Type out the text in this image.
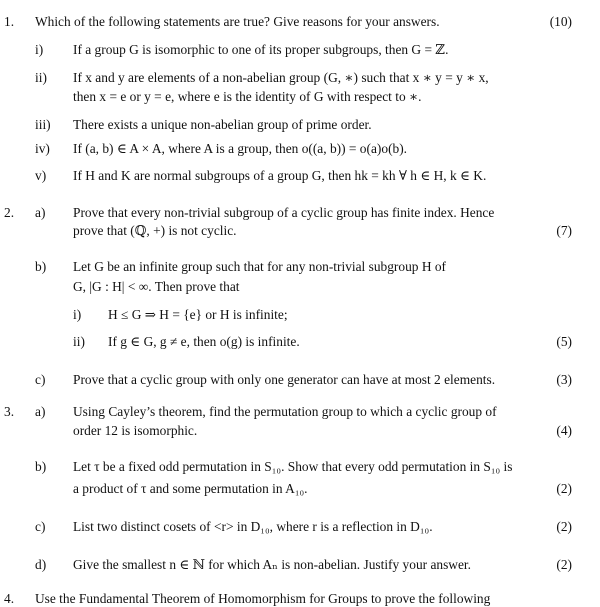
1. Which of the following statements are true? Give reasons for your answers.	(10)
i) If a group G is isomorphic to one of its proper subgroups, then G = ℤ.
ii) If x and y are elements of a non-abelian group (G, ∗) such that x ∗ y = y ∗ x,
then x = e or y = e, where e is the identity of G with respect to ∗.
iii) There exists a unique non-abelian group of prime order.
iv) If (a, b) ∈ A × A, where A is a group, then o((a, b)) = o(a)o(b).
v) If H and K are normal subgroups of a group G, then hk = kh ∀ h ∈ H, k ∈ K.
2. a) Prove that every non-trivial subgroup of a cyclic group has finite index. Hence
prove that (ℚ, +) is not cyclic.	(7)
b) Let G be an infinite group such that for any non-trivial subgroup H of
G, |G : H| < ∞. Then prove that
i) H ≤ G ⇒ H = {e} or H is infinite;
ii) If g ∈ G, g ≠ e, then o(g) is infinite.	(5)
c) Prove that a cyclic group with only one generator can have at most 2 elements.	(3)
3. a) Using Cayley’s theorem, find the permutation group to which a cyclic group of
order 12 is isomorphic.	(4)
b) Let τ be a fixed odd permutation in S₁₀. Show that every odd permutation in S₁₀ is
a product of τ and some permutation in A₁₀.	(2)
c) List two distinct cosets of <r> in D₁₀, where r is a reflection in D₁₀.	(2)
d) Give the smallest n ∈ ℕ for which Aₙ is non-abelian. Justify your answer.	(2)
4. Use the Fundamental Theorem of Homomorphism for Groups to prove the following
